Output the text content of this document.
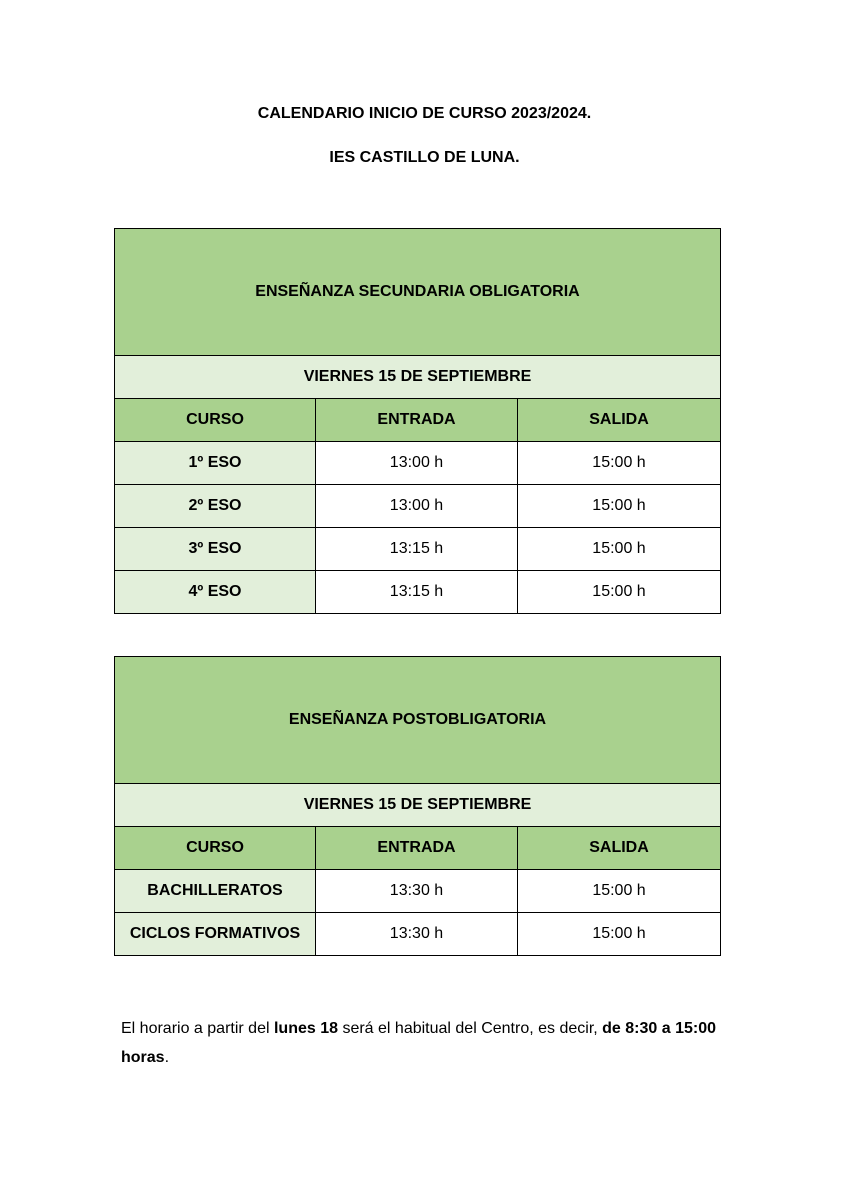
CALENDARIO INICIO DE CURSO 2023/2024.
IES CASTILLO DE LUNA.
ENSEÑANZA SECUNDARIA OBLIGATORIA		
VIERNES 15 DE SEPTIEMBRE		
CURSO	ENTRADA	SALIDA
1º ESO	13:00 h	15:00 h
2º ESO	13:00 h	15:00 h
3º ESO	13:15 h	15:00 h
4º ESO	13:15 h	15:00 h
ENSEÑANZA POSTOBLIGATORIA		
VIERNES 15 DE SEPTIEMBRE		
CURSO	ENTRADA	SALIDA
BACHILLERATOS	13:30 h	15:00 h
CICLOS FORMATIVOS	13:30 h	15:00 h

El horario a partir del lunes 18 será el habitual del Centro, es decir, de 8:30 a 15:00 horas.
